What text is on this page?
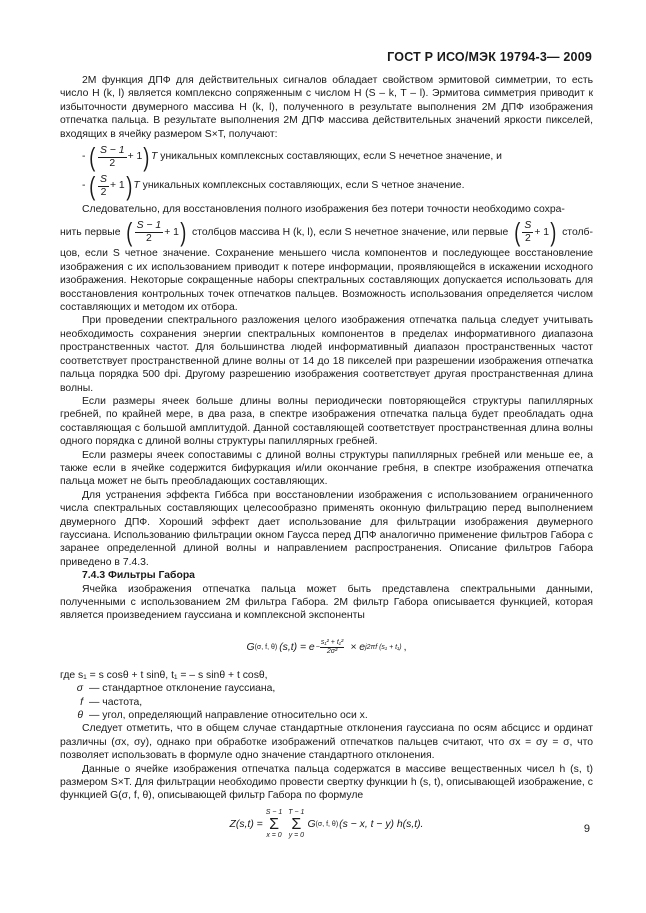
ГОСТ Р ИСО/МЭК 19794-3— 2009

2М функция ДПФ для действительных сигналов обладает свойством эрмитовой симметрии, то есть число H (k, l) является комплексно сопряженным с числом H (S – k, T – l). Эрмитова симметрия приводит к избыточности двумерного массива H (k, l), полученного в результате выполнения 2М ДПФ изображения отпечатка пальца. В результате выполнения 2М ДПФ массива действительных значений яркости пикселей, входящих в ячейку размером S×T, получают:

-
( $\frac{S - 1}{2} + 1$ ) T
уникальных комплексных составляющих, если S нечетное значение, и
-
( $\frac{S}{2} + 1$ ) T
уникальных комплексных составляющих, если S четное значение.

Следовательно, для восстановления полного изображения без потери точности необходимо сохра-

нить первые ( $\frac{S - 1}{2} + 1$ ) столбцов массива H (k, l), если S нечетное значение, или первые ( $\frac{S}{2} + 1$ ) столб-

цов, если S четное значение. Сохранение меньшего числа компонентов и последующее восстановление изображения с их использованием приводит к потере информации, проявляющейся в искажении исходного изображения. Некоторые сокращенные наборы спектральных составляющих допускается использовать для восстановления контрольных точек отпечатков пальцев. Возможность использования определяется числом составляющих и методом их отбора.

При проведении спектрального разложения целого изображения отпечатка пальца следует учитывать необходимость сохранения энергии спектральных компонентов в пределах информативного диапазона пространственных частот. Для большинства людей информативный диапазон пространственных частот соответствует пространственной длине волны от 14 до 18 пикселей при разрешении изображения отпечатка пальца порядка 500 dpi. Другому разрешению изображения соответствует другая пространственная длина волны.

Если размеры ячеек больше длины волны периодически повторяющейся структуры папиллярных гребней, по крайней мере, в два раза, в спектре изображения отпечатка пальца будет преобладать одна составляющая с большой амплитудой. Данной составляющей соответствует пространственная длина волны одного порядка с длиной волны структуры папиллярных гребней.

Если размеры ячеек сопоставимы с длиной волны структуры папиллярных гребней или меньше ее, а также если в ячейке содержится бифуркация и/или окончание гребня, в спектре изображения отпечатка пальца может не быть преобладающих составляющих.

Для устранения эффекта Гиббса при восстановлении изображения с использованием ограниченного числа спектральных составляющих целесообразно применять оконную фильтрацию перед выполнением двумерного ДПФ. Хороший эффект дает использование для фильтрации изображения двумерного гауссиана. Использованию фильтрации окном Гаусса перед ДПФ аналогично применение фильтров Габора с заранее определенной длиной волны и направлением распространения. Описание фильтров Габора приведено в 7.4.3.

7.4.3 Фильтры Габора

Ячейка изображения отпечатка пальца может быть представлена спектральными данными, полученными с использованием 2М фильтра Габора. 2М фильтр Габора описывается функцией, которая является произведением гауссиана и комплексной экспоненты

G (σ, f, θ) $(s,t) = e - \frac{\text{s₁² + t₁²}}{\text{2σ²}} \times e$ j2πf (s₁ + t₁) ,

где s₁ = s cosθ + t sinθ, t₁ = – s sinθ + t cosθ,

σ — стандартное отклонение гауссиана,
f — частота,
θ — угол, определяющий направление относительно оси x.

Следует отметить, что в общем случае стандартные отклонения гауссиана по осям абсцисс и ординат различны (σx, σy), однако при обработке изображений отпечатков пальцев считают, что σx = σy = σ, что позволяет использовать в формуле одно значение стандартного отклонения.

Данные о ячейке изображения отпечатка пальца содержатся в массиве вещественных чисел h (s, t) размером S×T. Для фильтрации необходимо провести свертку функции h (s, t), описывающей изображение, с функцией G(σ, f, θ), описывающей фильтр Габора по формуле

Z(s,t) =
S − 1
Σ
x = 0
T − 1
Σ
y = 0
G (σ, f, θ) (s − x, t − y) h(s,t).	9
